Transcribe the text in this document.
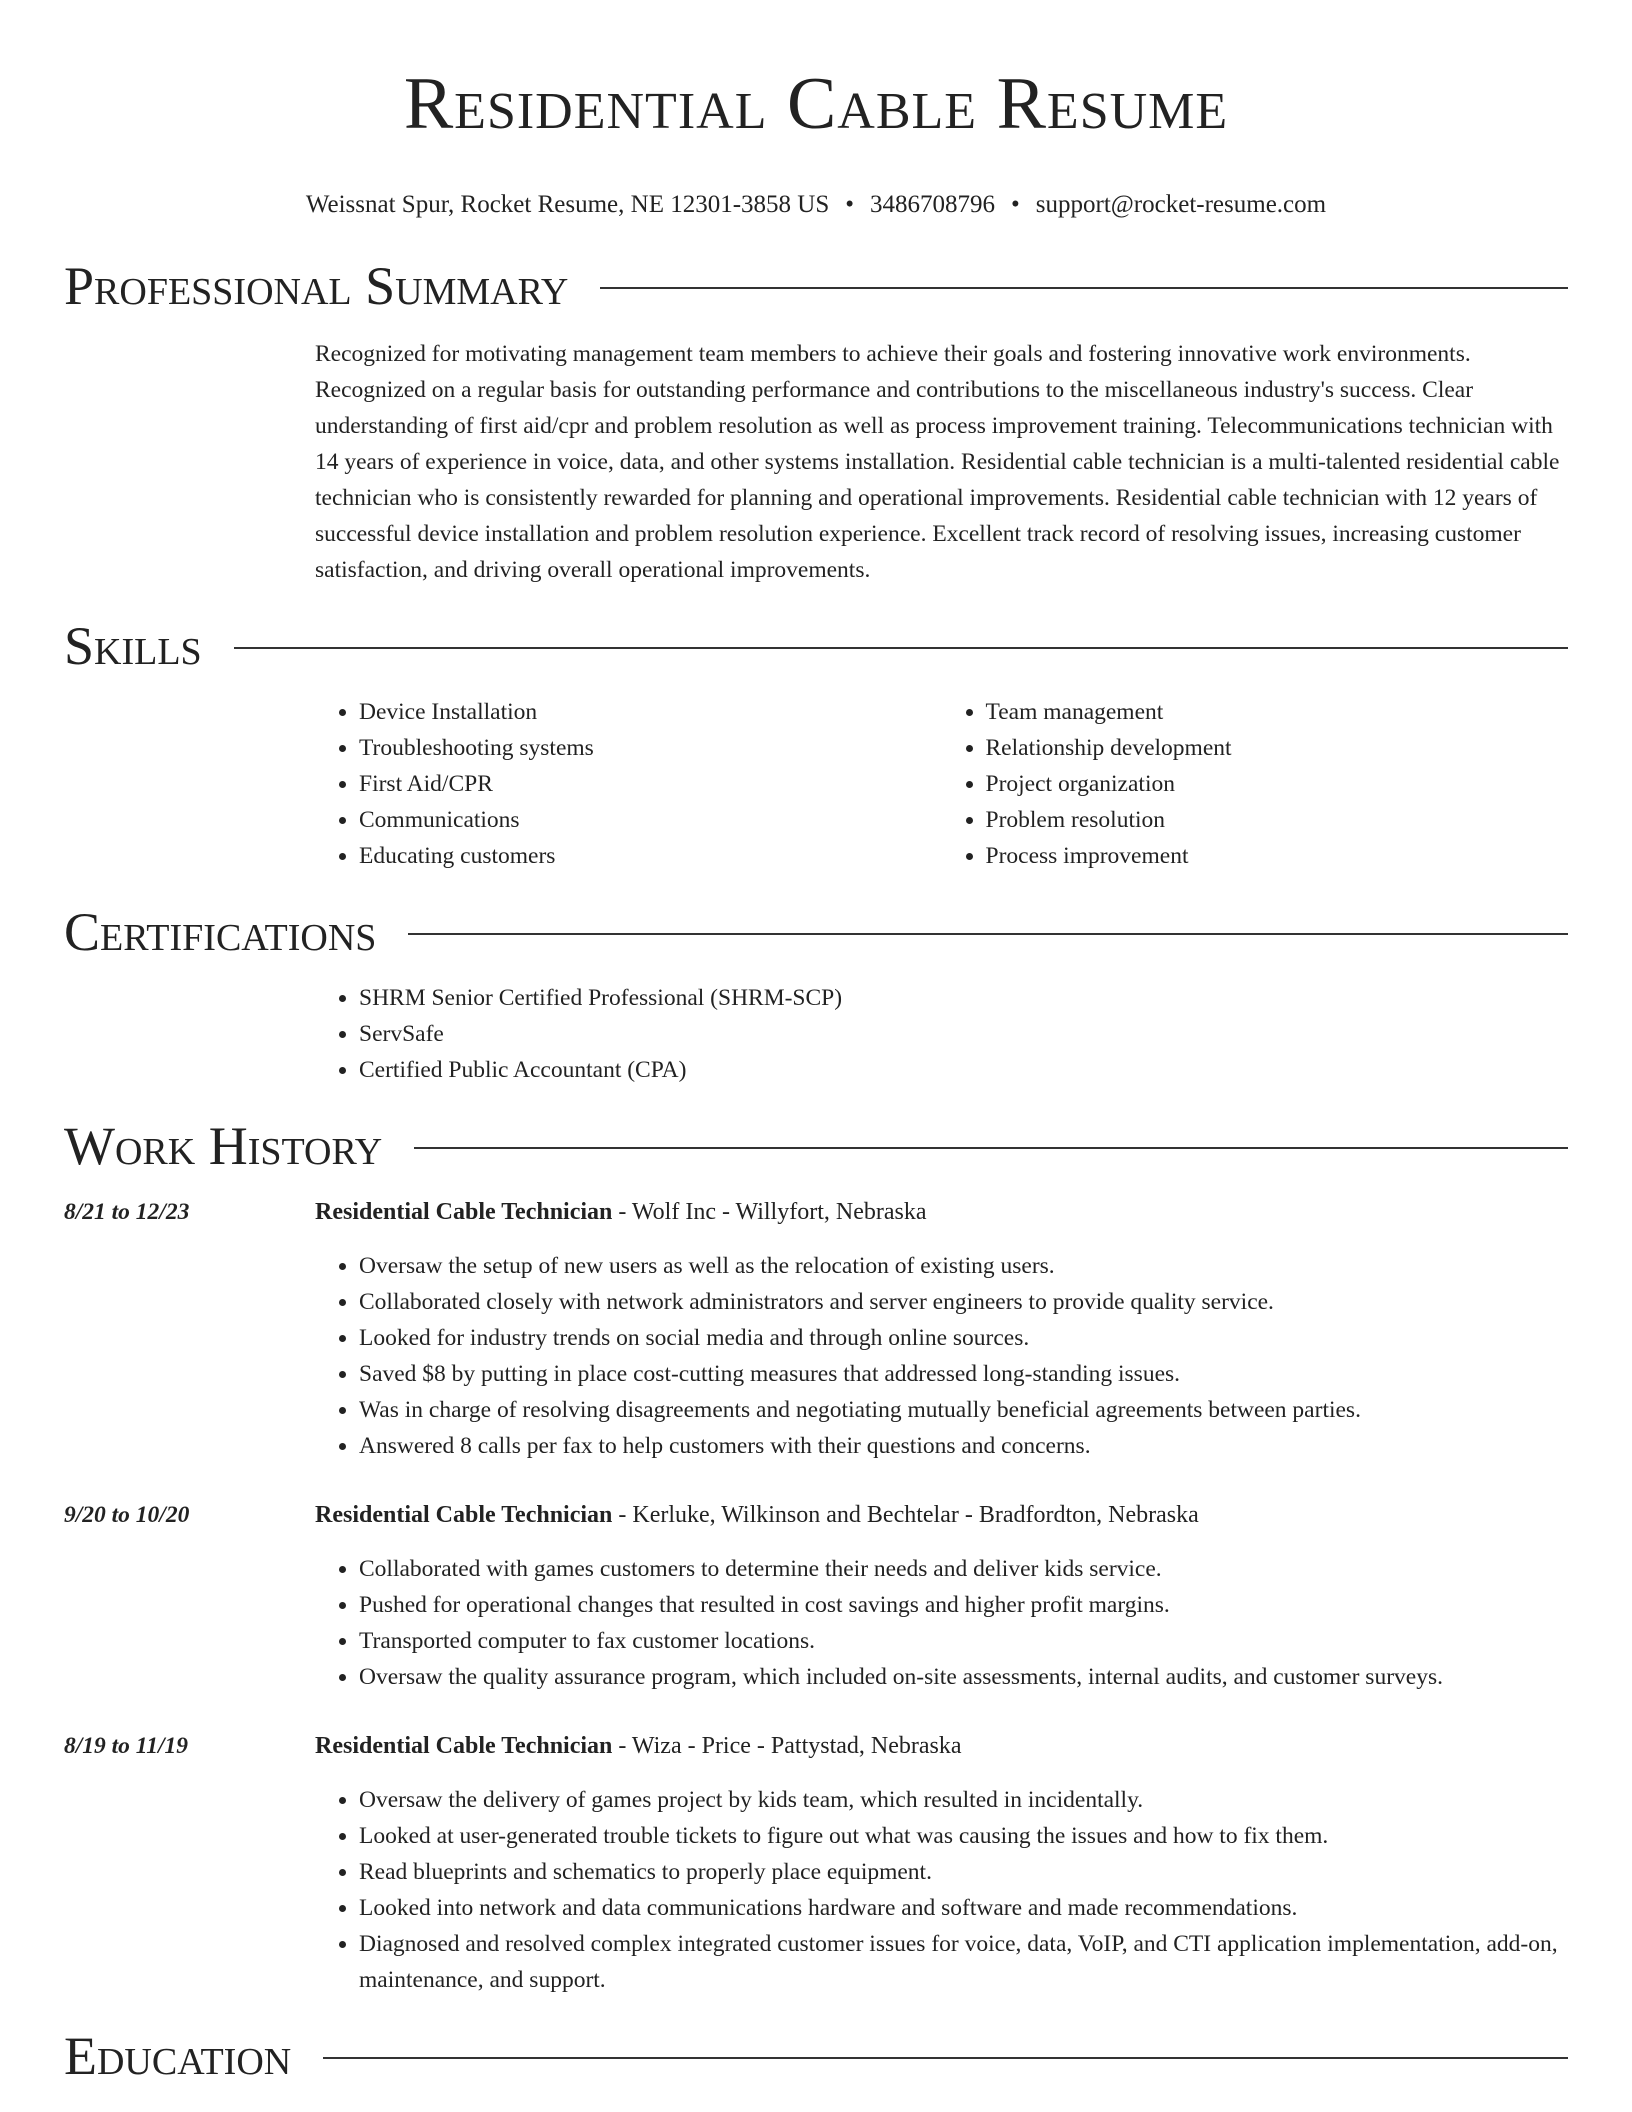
Residential Cable Resume
Weissnat Spur, Rocket Resume, NE 12301-3858 US • 3486708796 • support@rocket-resume.com
Professional Summary
Recognized for motivating management team members to achieve their goals and fostering innovative work environments. Recognized on a regular basis for outstanding performance and contributions to the miscellaneous industry's success. Clear understanding of first aid/cpr and problem resolution as well as process improvement training. Telecommunications technician with 14 years of experience in voice, data, and other systems installation. Residential cable technician is a multi-talented residential cable technician who is consistently rewarded for planning and operational improvements. Residential cable technician with 12 years of successful device installation and problem resolution experience. Excellent track record of resolving issues, increasing customer satisfaction, and driving overall operational improvements.
Skills
• Device Installation
• Troubleshooting systems
• First Aid/CPR
• Communications
• Educating customers
• Team management
• Relationship development
• Project organization
• Problem resolution
• Process improvement
Certifications
• SHRM Senior Certified Professional (SHRM-SCP)
• ServSafe
• Certified Public Accountant (CPA)
Work History
8/21 to 12/23	Residential Cable Technician - Wolf Inc - Willyfort, Nebraska
• Oversaw the setup of new users as well as the relocation of existing users.
• Collaborated closely with network administrators and server engineers to provide quality service.
• Looked for industry trends on social media and through online sources.
• Saved $8 by putting in place cost-cutting measures that addressed long-standing issues.
• Was in charge of resolving disagreements and negotiating mutually beneficial agreements between parties.
• Answered 8 calls per fax to help customers with their questions and concerns.
9/20 to 10/20	Residential Cable Technician - Kerluke, Wilkinson and Bechtelar - Bradfordton, Nebraska
• Collaborated with games customers to determine their needs and deliver kids service.
• Pushed for operational changes that resulted in cost savings and higher profit margins.
• Transported computer to fax customer locations.
• Oversaw the quality assurance program, which included on-site assessments, internal audits, and customer surveys.
8/19 to 11/19	Residential Cable Technician - Wiza - Price - Pattystad, Nebraska
• Oversaw the delivery of games project by kids team, which resulted in incidentally.
• Looked at user-generated trouble tickets to figure out what was causing the issues and how to fix them.
• Read blueprints and schematics to properly place equipment.
• Looked into network and data communications hardware and software and made recommendations.
• Diagnosed and resolved complex integrated customer issues for voice, data, VoIP, and CTI application implementation, add-on, maintenance, and support.
Education
